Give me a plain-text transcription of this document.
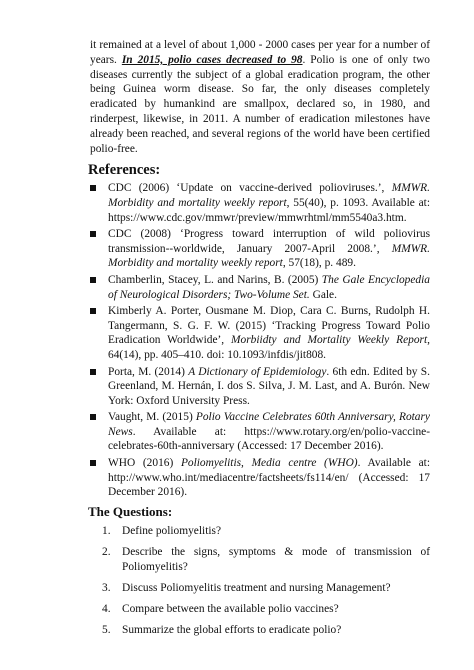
it remained at a level of about 1,000 - 2000 cases per year for a number of years. In 2015, polio cases decreased to 98. Polio is one of only two diseases currently the subject of a global eradication program, the other being Guinea worm disease. So far, the only diseases completely eradicated by humankind are smallpox, declared so, in 1980, and rinderpest, likewise, in 2011. A number of eradication milestones have already been reached, and several regions of the world have been certified polio-free.

References:
CDC (2006) ‘Update on vaccine-derived polioviruses.’, MMWR. Morbidity and mortality weekly report, 55(40), p. 1093. Available at: https://www.cdc.gov/mmwr/preview/mmwrhtml/mm5540a3.htm.
CDC (2008) ‘Progress toward interruption of wild poliovirus transmission--worldwide, January 2007-April 2008.’, MMWR. Morbidity and mortality weekly report, 57(18), p. 489.
Chamberlin, Stacey, L. and Narins, B. (2005) The Gale Encyclopedia of Neurological Disorders; Two-Volume Set. Gale.
Kimberly A. Porter, Ousmane M. Diop, Cara C. Burns, Rudolph H. Tangermann, S. G. F. W. (2015) ‘Tracking Progress Toward Polio Eradication Worldwide’, Morbiidty and Mortality Weekly Report, 64(14), pp. 405–410. doi: 10.1093/infdis/jit808.
Porta, M. (2014) A Dictionary of Epidemiology. 6th edn. Edited by S. Greenland, M. Hernán, I. dos S. Silva, J. M. Last, and A. Burón. New York: Oxford University Press.
Vaught, M. (2015) Polio Vaccine Celebrates 60th Anniversary, Rotary News. Available at: https://www.rotary.org/en/polio-vaccine-celebrates-60th-anniversary (Accessed: 17 December 2016).
WHO (2016) Poliomyelitis, Media centre (WHO). Available at: http://www.who.int/mediacentre/factsheets/fs114/en/ (Accessed: 17 December 2016).
The Questions:
1. Define poliomyelitis?
2. Describe the signs, symptoms & mode of transmission of Poliomyelitis?
3. Discuss Poliomyelitis treatment and nursing Management?
4. Compare between the available polio vaccines?
5. Summarize the global efforts to eradicate polio?
